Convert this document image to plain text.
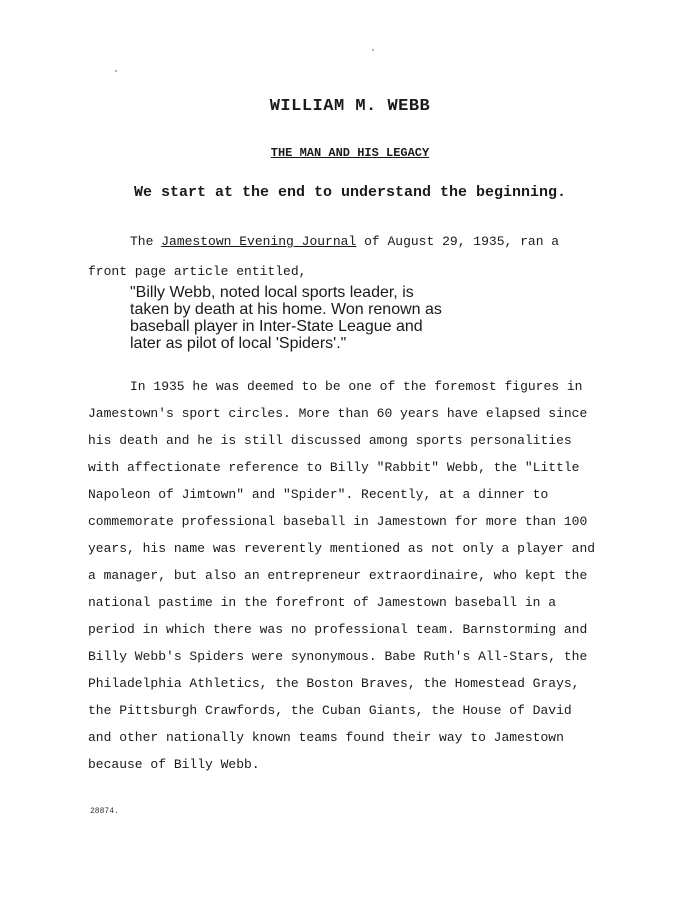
WILLIAM M. WEBB
THE MAN AND HIS LEGACY

We start at the end to understand the beginning.

The Jamestown Evening Journal of August 29, 1935, ran a
front page article entitled,

"Billy Webb, noted local sports leader, is
taken by death at his home. Won renown as
baseball player in Inter-State League and
later as pilot of local 'Spiders'."

In 1935 he was deemed to be one of the foremost figures in
Jamestown's sport circles. More than 60 years have elapsed since
his death and he is still discussed among sports personalities
with affectionate reference to Billy "Rabbit" Webb, the "Little
Napoleon of Jimtown" and "Spider". Recently, at a dinner to
commemorate professional baseball in Jamestown for more than 100
years, his name was reverently mentioned as not only a player and
a manager, but also an entrepreneur extraordinaire, who kept the
national pastime in the forefront of Jamestown baseball in a
period in which there was no professional team. Barnstorming and
Billy Webb's Spiders were synonymous. Babe Ruth's All-Stars, the
Philadelphia Athletics, the Boston Braves, the Homestead Grays,
the Pittsburgh Crawfords, the Cuban Giants, the House of David
and other nationally known teams found their way to Jamestown
because of Billy Webb.

28874.
